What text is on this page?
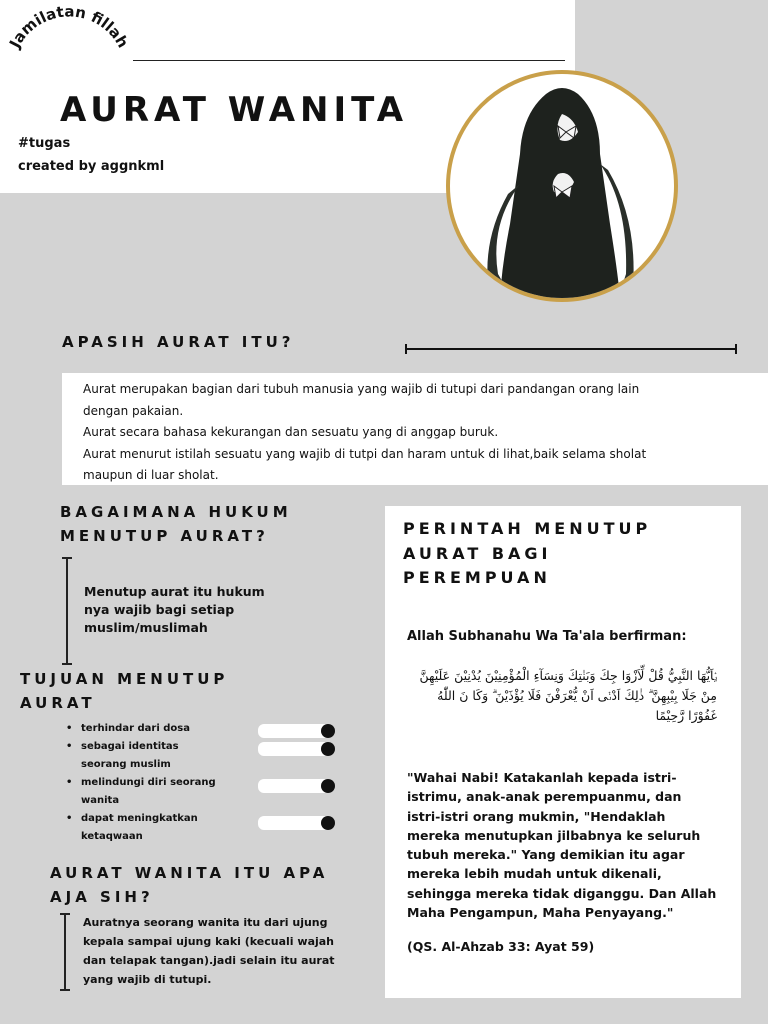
Jamilatan fillah
AURAT WANITA
#tugas
created by aggnkml
APASIH AURAT ITU?
Aurat merupakan bagian dari tubuh manusia yang wajib di tutupi dari pandangan orang lain dengan pakaian.
Aurat secara bahasa kekurangan dan sesuatu yang di anggap buruk.
Aurat menurut istilah sesuatu yang wajib di tutpi dan haram untuk di lihat,baik selama sholat maupun di luar sholat.
BAGAIMANA HUKUM
MENUTUP AURAT?
Menutup aurat itu hukum nya wajib bagi setiap muslim/muslimah
TUJUAN MENUTUP
AURAT
• terhindar dari dosa
• sebagai identitas
seorang muslim
• melindungi diri seorang
wanita
• dapat meningkatkan
ketaqwaan
AURAT WANITA ITU APA
AJA SIH?
Auratnya seorang wanita itu dari ujung kepala sampai ujung kaki (kecuali wajah dan telapak tangan).jadi selain itu aurat yang wajib di tutupi.
PERINTAH MENUTUP
AURAT BAGI
PEREMPUAN
Allah Subhanahu Wa Ta'ala berfirman:
يٰۤاَيُّهَا النَّبِيُّ قُلْ لِّاَزْوَا جِكَ وَبَنٰتِكَ وَنِسَآءِ الْمُؤْمِنِيْنَ يُدْنِيْنَ عَلَيْهِنَّ مِنْ جَلَا بِيْبِهِنَّ ۗ ذٰلِكَ اَدْنٰۤى اَنْ يُّعْرَفْنَ فَلَا يُؤْذَيْنَ ۗ وَكَا نَ اللّٰهُ غَفُوْرًا رَّحِيْمًا
"Wahai Nabi! Katakanlah kepada istri-istrimu, anak-anak perempuanmu, dan istri-istri orang mukmin, "Hendaklah mereka menutupkan jilbabnya ke seluruh tubuh mereka." Yang demikian itu agar mereka lebih mudah untuk dikenali, sehingga mereka tidak diganggu. Dan Allah Maha Pengampun, Maha Penyayang."
(QS. Al-Ahzab 33: Ayat 59)
